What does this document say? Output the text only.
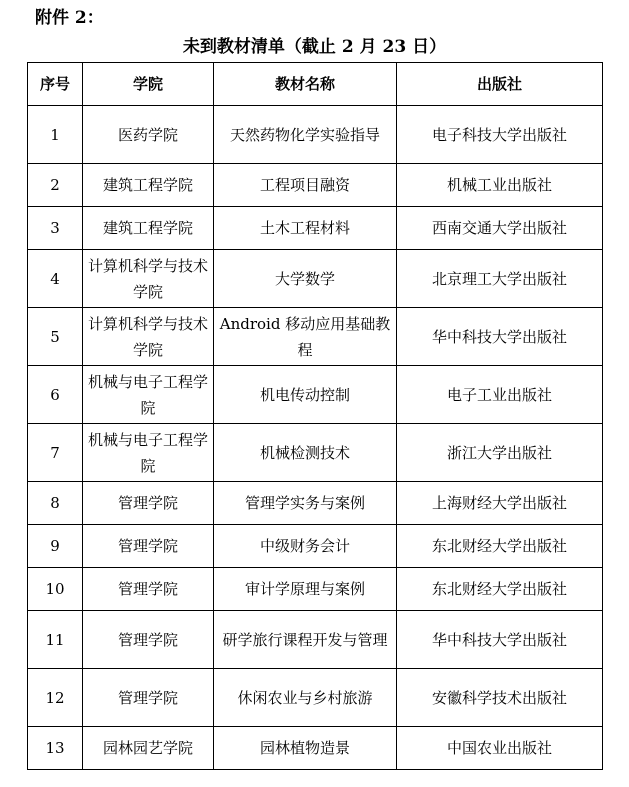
附件 2：
未到教材清单（截止 2 月 23 日）
序号	学院	教材名称	出版社
1	医药学院	天然药物化学实验指导	电子科技大学出版社
2	建筑工程学院	工程项目融资	机械工业出版社
3	建筑工程学院	土木工程材料	西南交通大学出版社
4	计算机科学与技术学院	大学数学	北京理工大学出版社
5	计算机科学与技术学院	Android 移动应用基础教程	华中科技大学出版社
6	机械与电子工程学院	机电传动控制	电子工业出版社
7	机械与电子工程学院	机械检测技术	浙江大学出版社
8	管理学院	管理学实务与案例	上海财经大学出版社
9	管理学院	中级财务会计	东北财经大学出版社
10	管理学院	审计学原理与案例	东北财经大学出版社
11	管理学院	研学旅行课程开发与管理	华中科技大学出版社
12	管理学院	休闲农业与乡村旅游	安徽科学技术出版社
13	园林园艺学院	园林植物造景	中国农业出版社
